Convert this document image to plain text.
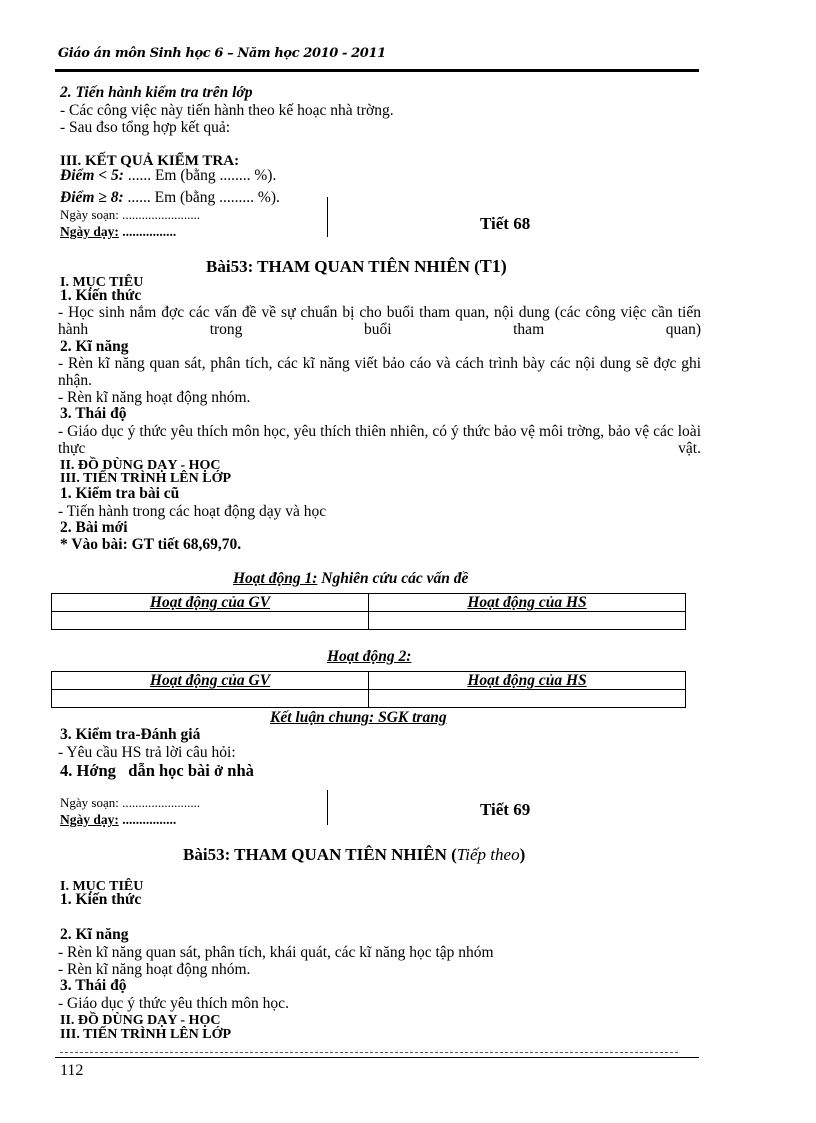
Giáo án môn Sinh học 6 – Năm học 2010 - 2011
2. Tiến hành kiểm tra trên lớp
- Các công việc này tiến hành theo kế hoạc nhà trờng.
- Sau đso tổng hợp kết quả:
III. KẾT QUẢ KIỂM TRA:
Điểm < 5: ...... Em (bằng ........ %).
Điểm ≥ 8: ...... Em (bằng ......... %).
Ngày soạn: ........................
Ngày dạy: ................	Tiết 68
Bài53: THAM QUAN TIÊN NHIÊN (T1)
I. MỤC TIÊU
1. Kiến thức
- Học sinh nắm đợc các vấn đề về sự chuẩn bị cho buổi tham quan, nội dung (các công việc cần tiến hành trong buổi tham quan)
2. Kĩ năng
- Rèn kĩ năng quan sát, phân tích, các kĩ năng viết bảo cáo và cách trình bày các nội dung sẽ đợc ghi nhận.
- Rèn kĩ năng hoạt động nhóm.
3. Thái độ
- Giáo dục ý thức yêu thích môn học, yêu thích thiên nhiên, có ý thức bảo vệ môi trờng, bảo vệ các loài thực vật.
II. ĐỒ DÙNG DẠY - HỌC
III. TIẾN TRÌNH LÊN LỚP
1. Kiểm tra bài cũ
- Tiến hành trong các hoạt động dạy và học
2. Bài mới
* Vào bài: GT tiết 68,69,70.
Hoạt động 1: Nghiên cứu các vấn đề
Hoạt động của GV	Hoạt động của HS

Hoạt động 2:
Hoạt động của GV	Hoạt động của HS

Kết luận chung: SGK trang
3. Kiểm tra-Đánh giá
- Yêu cầu HS trả lời câu hỏi:
4. Hớng   dẫn học bài ở nhà
Ngày soạn: ........................
Ngày dạy: ................
Tiết 69
Bài53: THAM QUAN TIÊN NHIÊN (Tiếp theo)
I. MỤC TIÊU
1. Kiến thức
2. Kĩ năng
- Rèn kĩ năng quan sát, phân tích, khái quát, các kĩ năng học tập nhóm
- Rèn kĩ năng hoạt động nhóm.
3. Thái độ
- Giáo dục ý thức yêu thích môn học.
II. ĐỒ DÙNG DẠY - HỌC
III. TIẾN TRÌNH LÊN LỚP
112
